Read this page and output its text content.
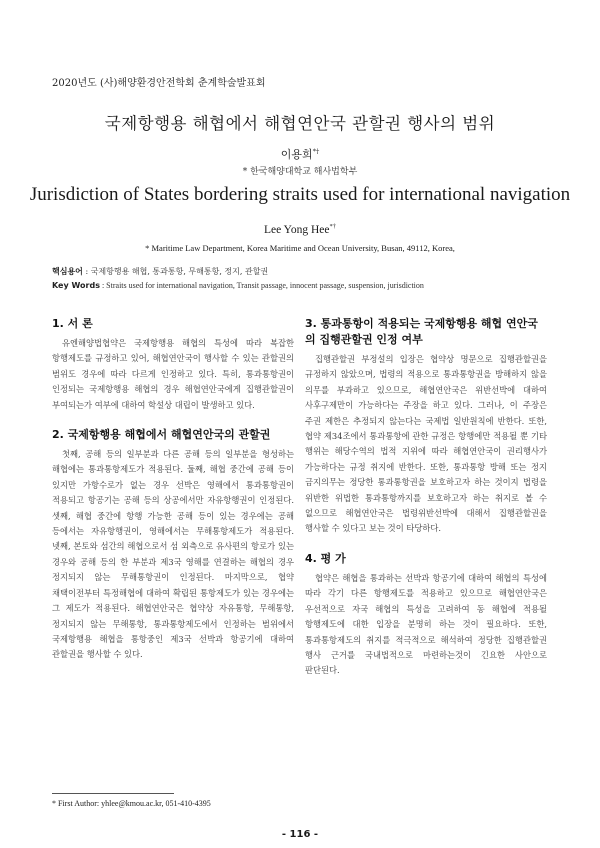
2020년도 (사)해양환경안전학회 춘계학술발표회
국제항행용 해협에서 해협연안국 관할권 행사의 범위
이용희*†
* 한국해양대학교 해사법학부
Jurisdiction of States bordering straits used for international navigation
Lee Yong Hee*†
* Maritime Law Department, Korea Maritime and Ocean University, Busan, 49112, Korea,
핵심용어 : 국제항행용 해협, 통과통항, 무해통항, 정지, 관할권
Key Words : Straits used for international navigation, Transit passage, innocent passage, suspension, jurisdiction
1. 서 론

유엔해양법협약은 국제항행용 해협의 특성에 따라 복잡한 항행제도를 규정하고 있어, 해협연안국이 행사할 수 있는 관할권의 범위도 경우에 따라 다르게 인정하고 있다. 특히, 통과통항권이 인정되는 국제항행용 해협의 경우 해협연안국에게 집행관할권이 부여되는가 여부에 대하여 학설상 대립이 발생하고 있다.

2. 국제항행용 해협에서 해협연안국의 관할권

첫째, 공해 등의 일부분과 다른 공해 등의 일부분을 형성하는 해협에는 통과통항제도가 적용된다. 둘째, 해협 중간에 공해 등이 있지만 가항수로가 없는 경우 선박은 영해에서 통과통항권이 적용되고 항공기는 공해 등의 상공에서만 자유항행권이 인정된다. 셋째, 해협 중간에 항행 가능한 공해 등이 있는 경우에는 공해 등에서는 자유항행권이, 영해에서는 무해통항제도가 적용된다. 넷째, 본토와 섬간의 해협으로서 섬 외측으로 유사편의 항로가 있는 경우와 공해 등의 한 부분과 제3국 영해를 연결하는 해협의 경우 정지되지 않는 무해통항권이 인정된다. 마지막으로, 협약 채택이전부터 특정해협에 대하여 확립된 통항제도가 있는 경우에는 그 제도가 적용된다. 해협연안국은 협약상 자유통항, 무해통항, 정지되지 않는 무해통항, 통과통항제도에서 인정하는 범위에서 국제항행용 해협을 통항중인 제3국 선박과 항공기에 대하여 관할권을 행사할 수 있다.

3. 통과통항이 적용되는 국제항행용 해협 연안국의 집행관할권 인정 여부

집행관할권 부정설의 입장은 협약상 명문으로 집행관할권을 규정하지 않았으며, 법령의 적용으로 통과통항권을 방해하지 않을 의무를 부과하고 있으므로, 해협연안국은 위반선박에 대하여 사후구제만이 가능하다는 주장을 하고 있다. 그러나, 이 주장은 주권 제한은 추정되지 않는다는 국제법 일반원칙에 반한다. 또한, 협약 제34조에서 통과통항에 관한 규정은 항행에만 적용될 뿐 기타 행위는 해당수역의 법적 지위에 따라 해협연안국이 권리행사가 가능하다는 규정 취지에 반한다. 또한, 통과통항 방해 또는 정지 금지의무는 정당한 통과통항권을 보호하고자 하는 것이지 법령을 위반한 위법한 통과통항까지를 보호하고자 하는 취지로 볼 수 없으므로 해협연안국은 법령위반선박에 대해서 집행관할권을 행사할 수 있다고 보는 것이 타당하다.

4. 평 가

협약은 해협을 통과하는 선박과 항공기에 대하여 해협의 특성에 따라 각기 다른 항행제도를 적용하고 있으므로 해협연안국은 우선적으로 자국 해협의 특성을 고려하여 동 해협에 적용될 항행제도에 대한 입장을 분명히 하는 것이 필요하다. 또한, 통과통항제도의 취지를 적극적으로 해석하여 정당한 집행관할권 행사 근거를 국내법적으로 마련하는것이 긴요한 사안으로 판단된다.

* First Author: yhlee@kmou.ac.kr, 051-410-4395
- 116 -
